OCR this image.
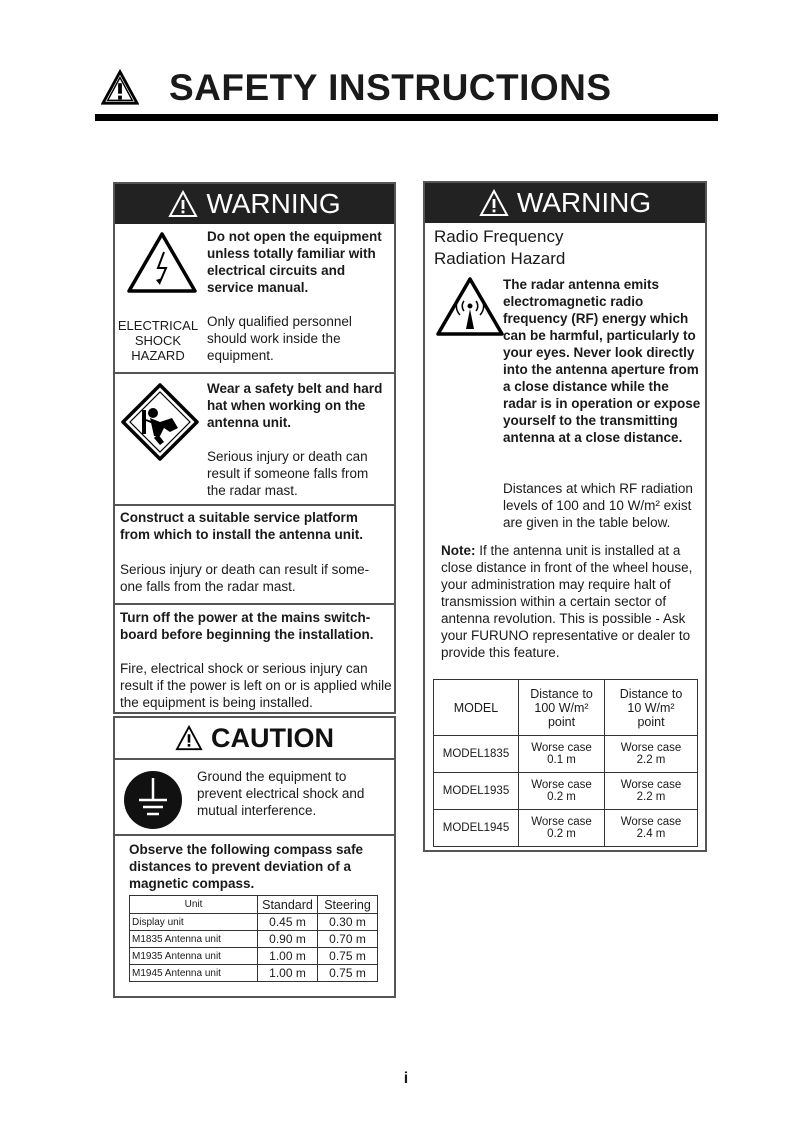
SAFETY INSTRUCTIONS
WARNING
ELECTRICAL SHOCK HAZARD
Do not open the equipment unless totally familiar with electrical circuits and service manual.
Only qualified personnel should work inside the equipment.
Wear a safety belt and hard hat when working on the antenna unit.
Serious injury or death can result if someone falls from the radar mast.
Construct a suitable service platform from which to install the antenna unit.
Serious injury or death can result if some- one falls from the radar mast.
Turn off the power at the mains switch- board before beginning the installation.
Fire, electrical shock or serious injury can result if the power is left on or is applied while the equipment is being installed.
CAUTION
Ground the equipment to prevent electrical shock and mutual interference.
Observe the following compass safe distances to prevent deviation of a magnetic compass.
Unit	Standard	Steering
Display unit	0.45 m	0.30 m
M1835 Antenna unit	0.90 m	0.70 m
M1935 Antenna unit	1.00 m	0.75 m
M1945 Antenna unit	1.00 m	0.75 m
WARNING
Radio Frequency
Radiation Hazard
The radar antenna emits electromagnetic radio frequency (RF) energy which can be harmful, particularly to your eyes. Never look directly into the antenna aperture from a close distance while the radar is in operation or expose yourself to the transmitting antenna at a close distance.
Distances at which RF radiation levels of 100 and 10 W/m² exist are given in the table below.
Note: If the antenna unit is installed at a close distance in front of the wheel house, your administration may require halt of transmission within a certain sector of antenna revolution. This is possible - Ask your FURUNO representative or dealer to provide this feature.
MODEL	Distance to 100 W/m² point	Distance to 10 W/m² point
MODEL1835	Worse case 0.1 m	Worse case 2.2 m
MODEL1935	Worse case 0.2 m	Worse case 2.2 m
MODEL1945	Worse case 0.2 m	Worse case 2.4 m
i
